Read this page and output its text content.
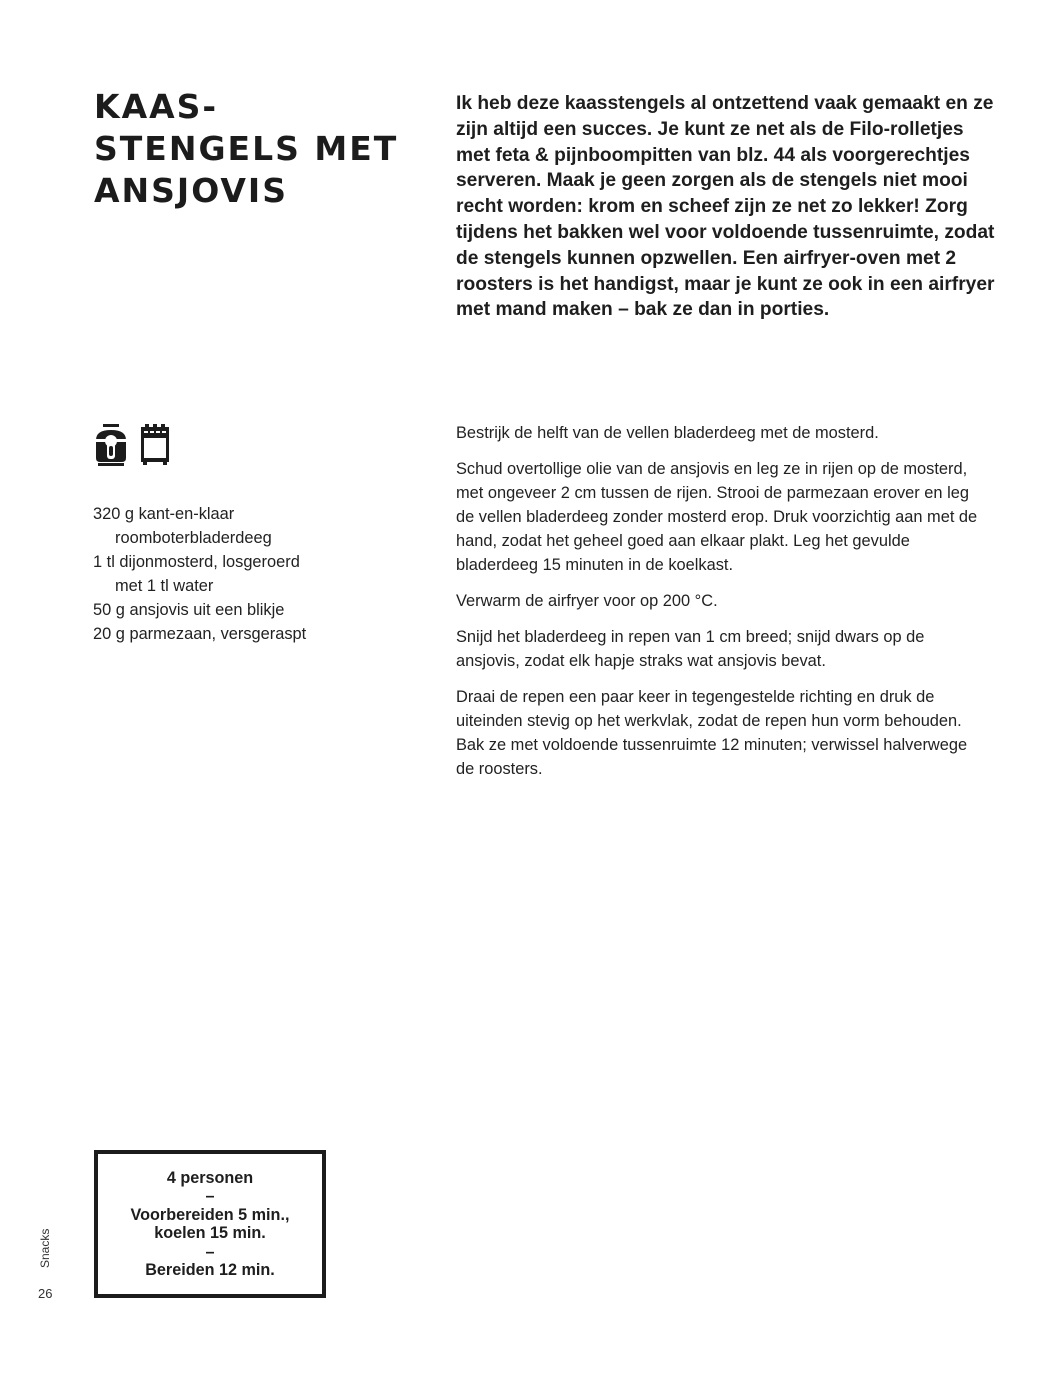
KAAS-
STENGELS MET
ANSJOVIS

Ik heb deze kaasstengels al ontzettend vaak gemaakt en ze zijn altijd een succes. Je kunt ze net als de Filo-rolletjes met feta & pijnboompitten van blz. 44 als voorgerechtjes serveren. Maak je geen zorgen als de stengels niet mooi recht worden: krom en scheef zijn ze net zo lekker! Zorg tijdens het bakken wel voor voldoende tussenruimte, zodat de stengels kunnen opzwellen. Een airfryer-oven met 2 roosters is het handigst, maar je kunt ze ook in een airfryer met mand maken – bak ze dan in porties.

320 g kant-en-klaar
roomboterbladerdeeg
1 tl dijonmosterd, losgeroerd
met 1 tl water
50 g ansjovis uit een blikje
20 g parmezaan, versgeraspt

Bestrijk de helft van de vellen bladerdeeg met de mosterd.

Schud overtollige olie van de ansjovis en leg ze in rijen op de mosterd, met ongeveer 2 cm tussen de rijen. Strooi de parmezaan erover en leg de vellen bladerdeeg zonder mosterd erop. Druk voorzichtig aan met de hand, zodat het geheel goed aan elkaar plakt. Leg het gevulde bladerdeeg 15 minuten in de koelkast.

Verwarm de airfryer voor op 200 °C.

Snijd het bladerdeeg in repen van 1 cm breed; snijd dwars op de ansjovis, zodat elk hapje straks wat ansjovis bevat.

Draai de repen een paar keer in tegengestelde richting en druk de uiteinden stevig op het werkvlak, zodat de repen hun vorm behouden. Bak ze met voldoende tussenruimte 12 minuten; verwissel halverwege de roosters.

4 personen
–
Voorbereiden 5 min.,
koelen 15 min.
–
Bereiden 12 min.
Snacks
26
